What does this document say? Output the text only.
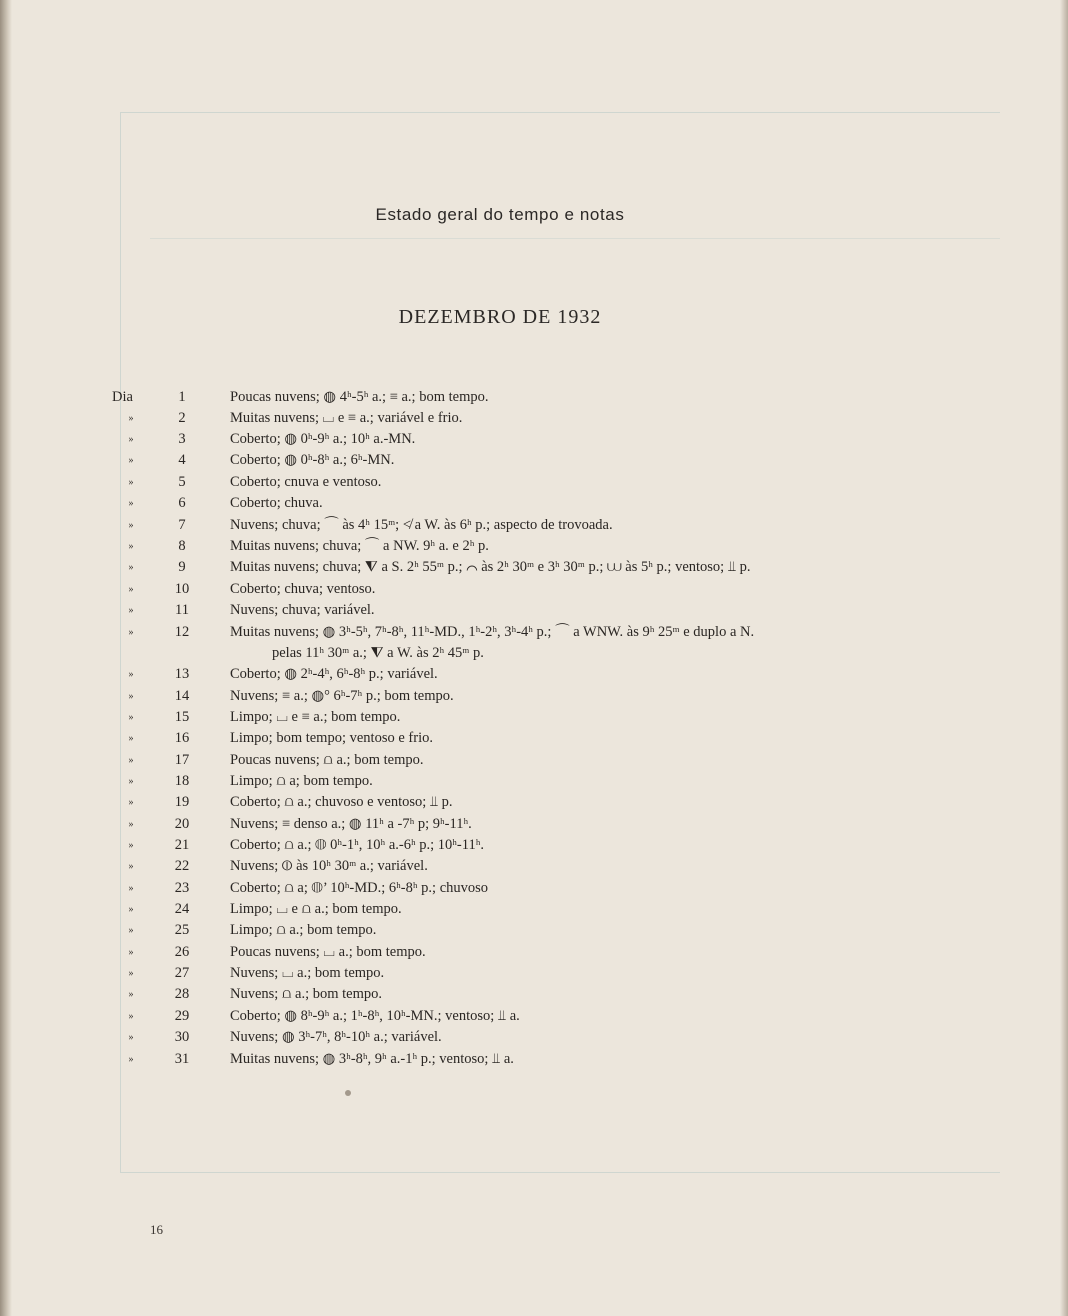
Estado geral do tempo e notas
DEZEMBRO DE 1932
Dia	1	Poucas nuvens; ◍ 4ʰ-5ʰ a.; ≡ a.; bom tempo.
»	2	Muitas nuvens; ⌴ e ≡ a.; variável e frio.
»	3	Coberto; ◍ 0ʰ-9ʰ a.; 10ʰ a.-MN.
»	4	Coberto; ◍ 0ʰ-8ʰ a.; 6ʰ-MN.
»	5	Coberto; cnuva e ventoso.
»	6	Coberto; chuva.
»	7	Nuvens; chuva; ⌒ às 4ʰ 15ᵐ; ≮ a W. às 6ʰ p.; aspecto de trovoada.
»	8	Muitas nuvens; chuva; ⌒ a NW. 9ʰ a. e 2ʰ p.
»	9	Muitas nuvens; chuva; ⧨ a S. 2ʰ 55ᵐ p.; ⌒ às 2ʰ 30ᵐ e 3ʰ 30ᵐ p.; ⩊ às 5ʰ p.; ventoso; ⫫ p.
»	10	Coberto; chuva; ventoso.
»	11	Nuvens; chuva; variável.
»	12	Muitas nuvens; ◍ 3ʰ-5ʰ, 7ʰ-8ʰ, 11ʰ-MD., 1ʰ-2ʰ, 3ʰ-4ʰ p.; ⌒ a WNW. às 9ʰ 25ᵐ e duplo a N.
pelas 11ʰ 30ᵐ a.; ⧨ a W. às 2ʰ 45ᵐ p.
»	13	Coberto; ◍ 2ʰ-4ʰ, 6ʰ-8ʰ p.; variável.
»	14	Nuvens; ≡ a.; ◍° 6ʰ-7ʰ p.; bom tempo.
»	15	Limpo; ⌴ e ≡ a.; bom tempo.
»	16	Limpo; bom tempo; ventoso e frio.
»	17	Poucas nuvens; ⩍ a.; bom tempo.
»	18	Limpo; ⩍ a; bom tempo.
»	19	Coberto; ⩍ a.; chuvoso e ventoso; ⫫ p.
»	20	Nuvens; ≡ denso a.; ◍ 11ʰ a -7ʰ p; 9ʰ-11ʰ.
»	21	Coberto; ⩍ a.; ◍ 0ʰ-1ʰ, 10ʰ a.-6ʰ p.; 10ʰ-11ʰ.
»	22	Nuvens; ⦶ às 10ʰ 30ᵐ a.; variável.
»	23	Coberto; ⩍ a; ◍’ 10ʰ-MD.; 6ʰ-8ʰ p.; chuvoso
»	24	Limpo; ⌴ e ⩍ a.; bom tempo.
»	25	Limpo; ⩍ a.; bom tempo.
»	26	Poucas nuvens; ⌴ a.; bom tempo.
»	27	Nuvens; ⌴ a.; bom tempo.
»	28	Nuvens; ⩍ a.; bom tempo.
»	29	Coberto; ◍ 8ʰ-9ʰ a.; 1ʰ-8ʰ, 10ʰ-MN.; ventoso; ⫫ a.
»	30	Nuvens; ◍ 3ʰ-7ʰ, 8ʰ-10ʰ a.; variável.
»	31	Muitas nuvens; ◍ 3ʰ-8ʰ, 9ʰ a.-1ʰ p.; ventoso; ⫫ a.
16
